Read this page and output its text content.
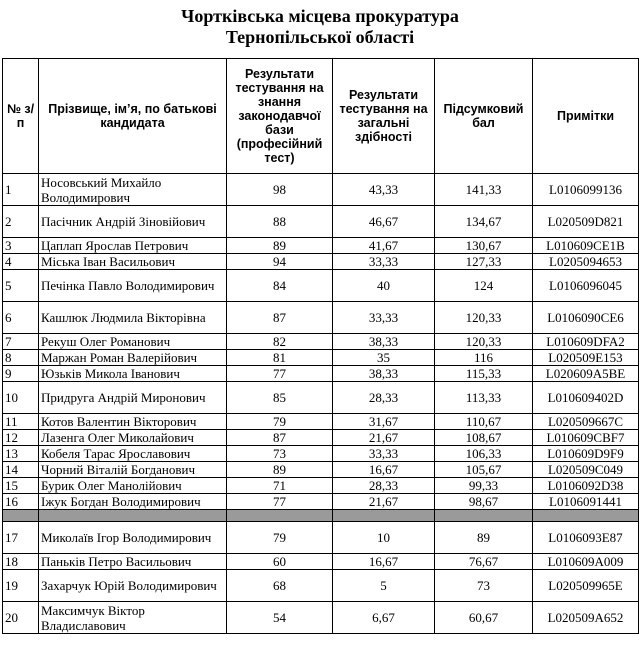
Чортківська місцева прокуратура
Тернопільської області
№ з/п	Прізвище, ім’я, по батькові кандидата	Результати тестування на знання законодавчої бази (професійний тест)	Результати тестування на загальні здібності	Підсумковий бал	Примітки
1	Носовський Михайло Володимирович	98	43,33	141,33	L0106099136
2	Пасічник Андрій Зіновійович	88	46,67	134,67	L020509D821
3	Цаплап Ярослав Петрович	89	41,67	130,67	L010609CE1B
4	Міська Іван Васильович	94	33,33	127,33	L0205094653
5	Печінка Павло Володимирович	84	40	124	L0106096045
6	Кашлюк Людмила Вікторівна	87	33,33	120,33	L0106090CE6
7	Рекуш Олег Романович	82	38,33	120,33	L010609DFA2
8	Маржан Роман Валерійович	81	35	116	L020509E153
9	Юзьків Микола Іванович	77	38,33	115,33	L020609A5BE
10	Придруга Андрій Миронович	85	28,33	113,33	L010609402D
11	Котов Валентин Вікторович	79	31,67	110,67	L020509667C
12	Лазенга Олег Миколайович	87	21,67	108,67	L010609CBF7
13	Кобеля Тарас Ярославович	73	33,33	106,33	L010609D9F9
14	Чорний Віталій Богданович	89	16,67	105,67	L020509C049
15	Бурик Олег Манолійович	71	28,33	99,33	L0106092D38
16	Іжук Богдан Володимирович	77	21,67	98,67	L0106091441

17	Миколаїв Ігор Володимирович	79	10	89	L0106093E87
18	Паньків Петро Васильович	60	16,67	76,67	L010609A009
19	Захарчук Юрій Володимирович	68	5	73	L020509965E
20	Максимчук Віктор Владиславович	54	6,67	60,67	L020509A652
